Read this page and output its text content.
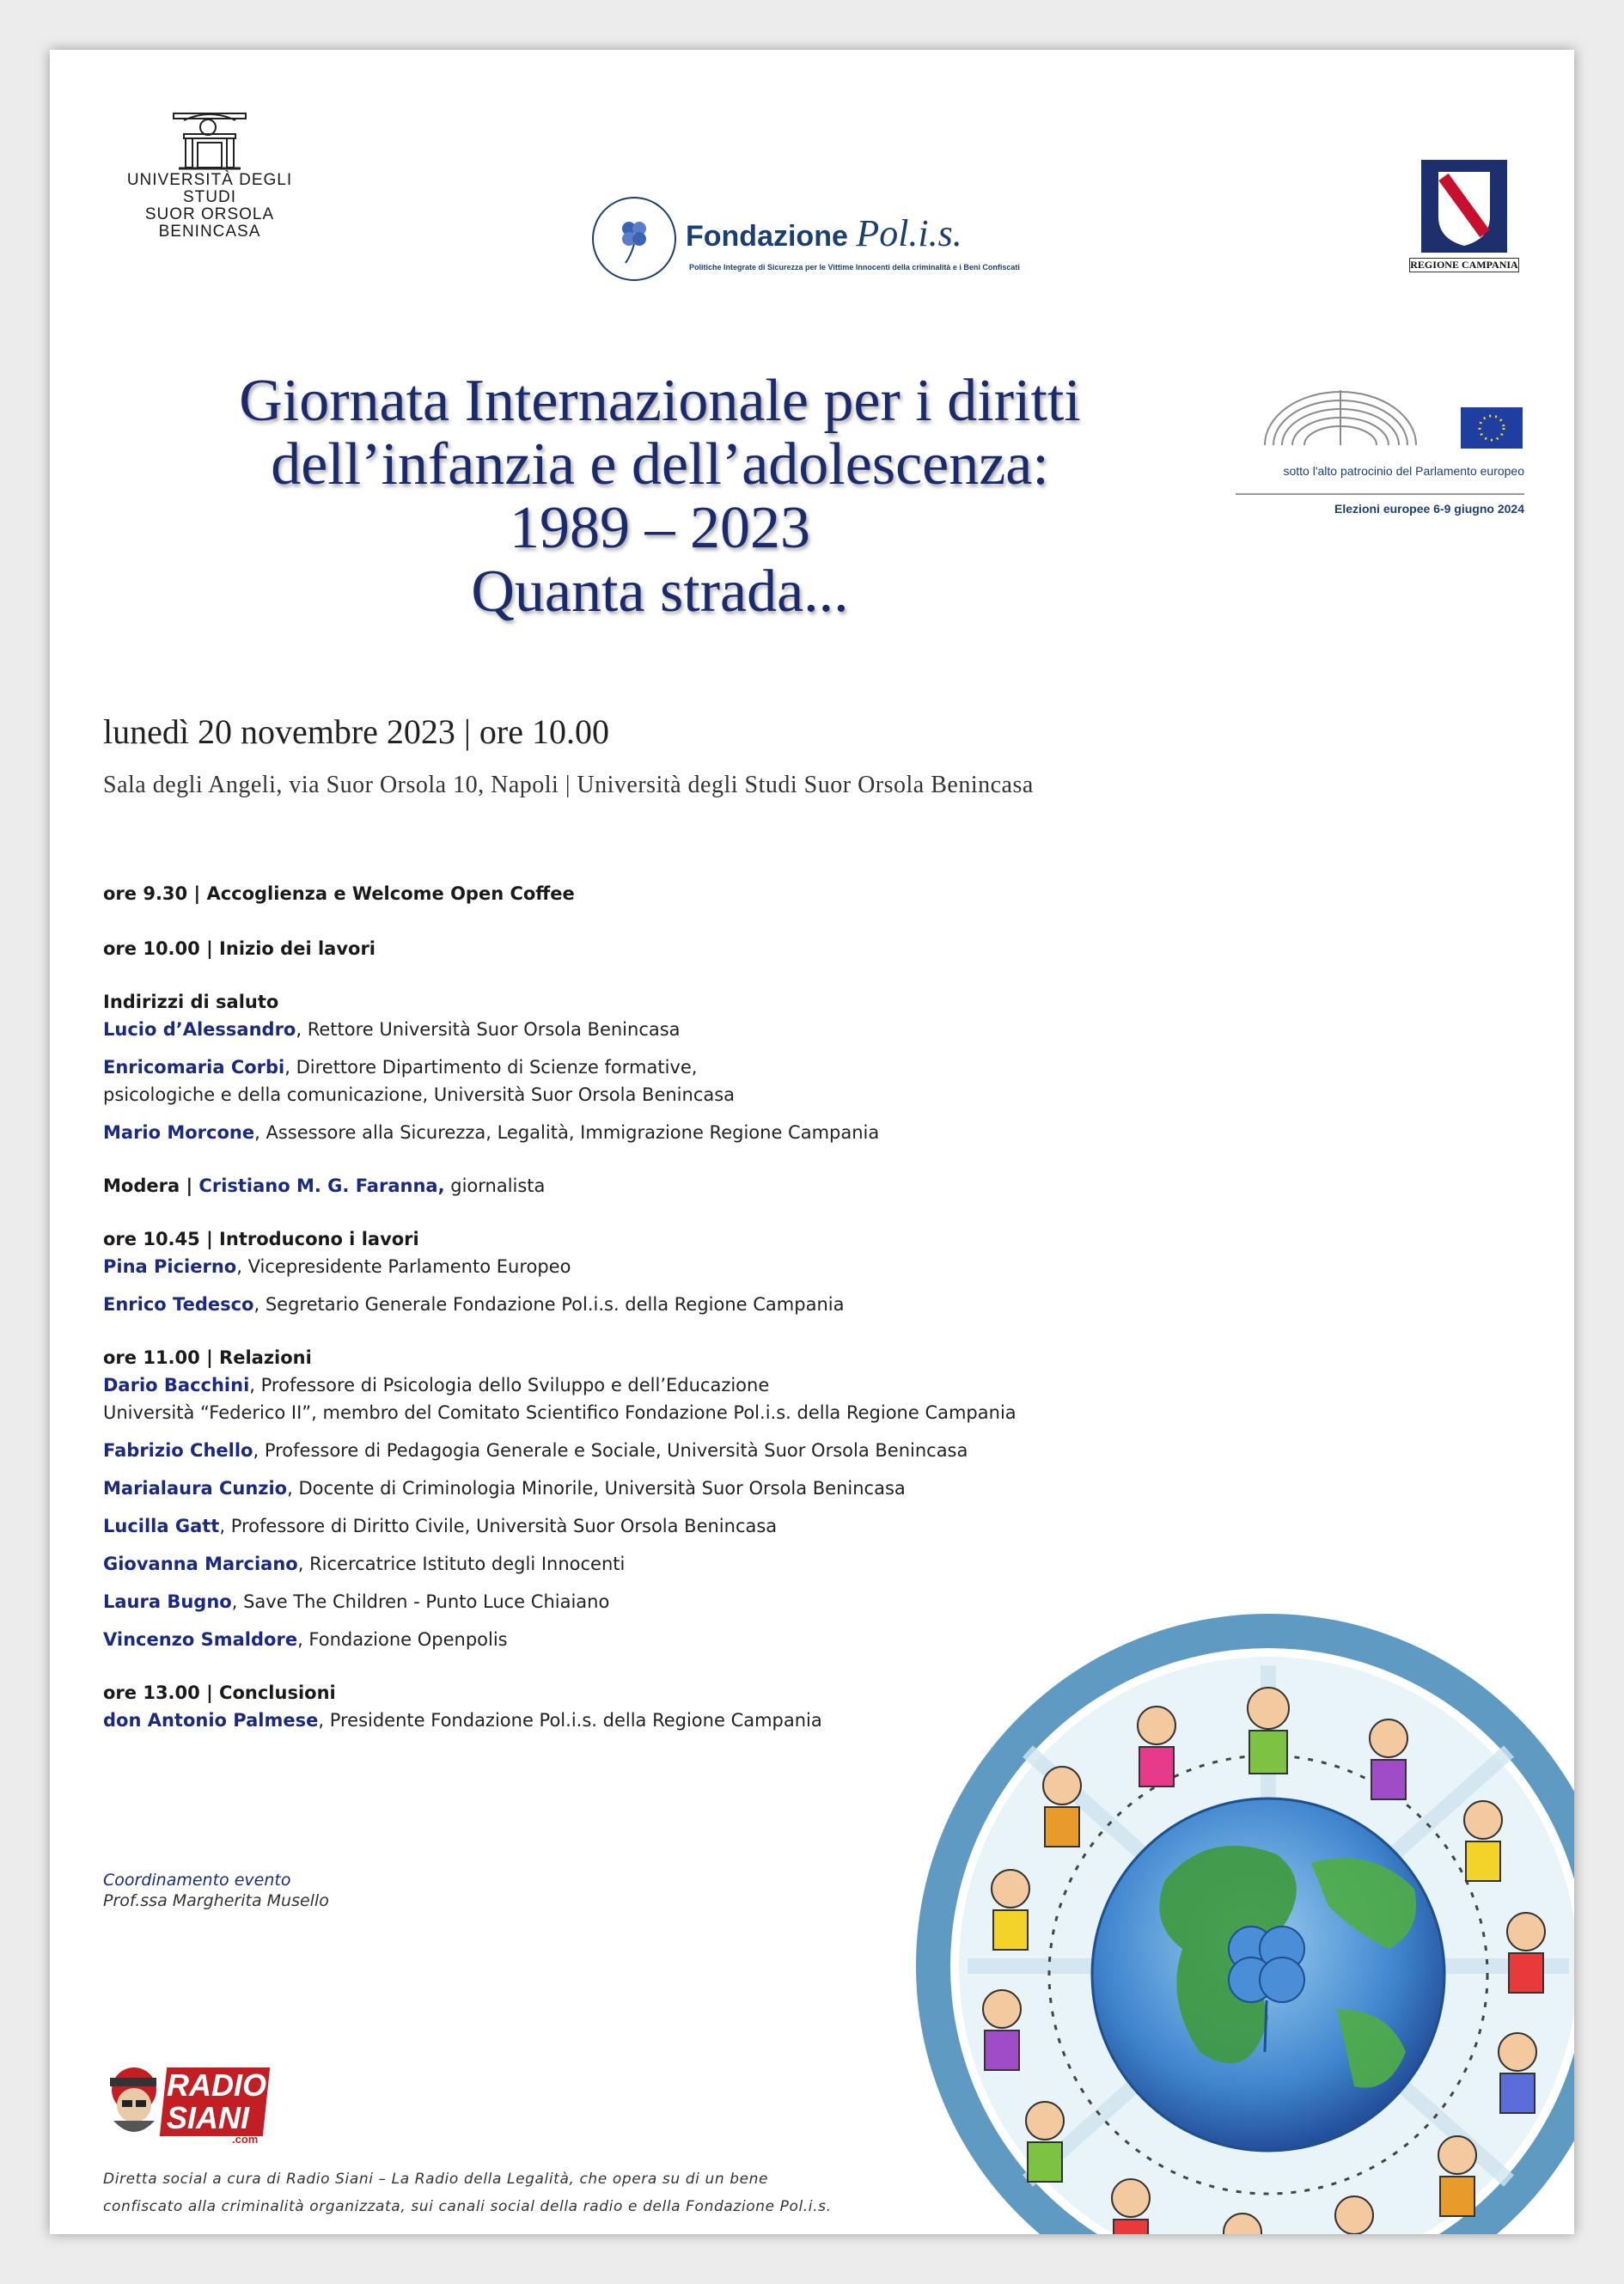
UNIVERSITÀ DEGLI STUDI
SUOR ORSOLA
BENINCASA	Fondazione Pol.i.s.
Politiche Integrate di Sicurezza per le Vittime Innocenti della criminalità e i Beni Confiscati	REGIONE CAMPANIA
sotto l'alto patrocinio del Parlamento europeo
Elezioni europee 6-9 giugno 2024
Giornata Internazionale per i diritti
dell’infanzia e dell’adolescenza:
1989 – 2023
Quanta strada...
lunedì 20 novembre 2023 | ore 10.00
Sala degli Angeli, via Suor Orsola 10, Napoli | Università degli Studi Suor Orsola Benincasa
ore 9.30 | Accoglienza e Welcome Open Coffee
ore 10.00 | Inizio dei lavori
Indirizzi di saluto
Lucio d’Alessandro, Rettore Università Suor Orsola Benincasa
Enricomaria Corbi, Direttore Dipartimento di Scienze formative,
psicologiche e della comunicazione, Università Suor Orsola Benincasa
Mario Morcone, Assessore alla Sicurezza, Legalità, Immigrazione Regione Campania
Modera | Cristiano M. G. Faranna, giornalista
ore 10.45 | Introducono i lavori
Pina Picierno, Vicepresidente Parlamento Europeo
Enrico Tedesco, Segretario Generale Fondazione Pol.i.s. della Regione Campania
ore 11.00 | Relazioni
Dario Bacchini, Professore di Psicologia dello Sviluppo e dell’Educazione
Università “Federico II”, membro del Comitato Scientifico Fondazione Pol.i.s. della Regione Campania
Fabrizio Chello, Professore di Pedagogia Generale e Sociale, Università Suor Orsola Benincasa
Marialaura Cunzio, Docente di Criminologia Minorile, Università Suor Orsola Benincasa
Lucilla Gatt, Professore di Diritto Civile, Università Suor Orsola Benincasa
Giovanna Marciano, Ricercatrice Istituto degli Innocenti
Laura Bugno, Save The Children - Punto Luce Chiaiano
Vincenzo Smaldore, Fondazione Openpolis
ore 13.00 | Conclusioni
don Antonio Palmese, Presidente Fondazione Pol.i.s. della Regione Campania
Coordinamento evento
Prof.ssa Margherita Musello
RADIO
SIANI
.com
Diretta social a cura di Radio Siani – La Radio della Legalità, che opera su di un bene
confiscato alla criminalità organizzata, sui canali social della radio e della Fondazione Pol.i.s.
